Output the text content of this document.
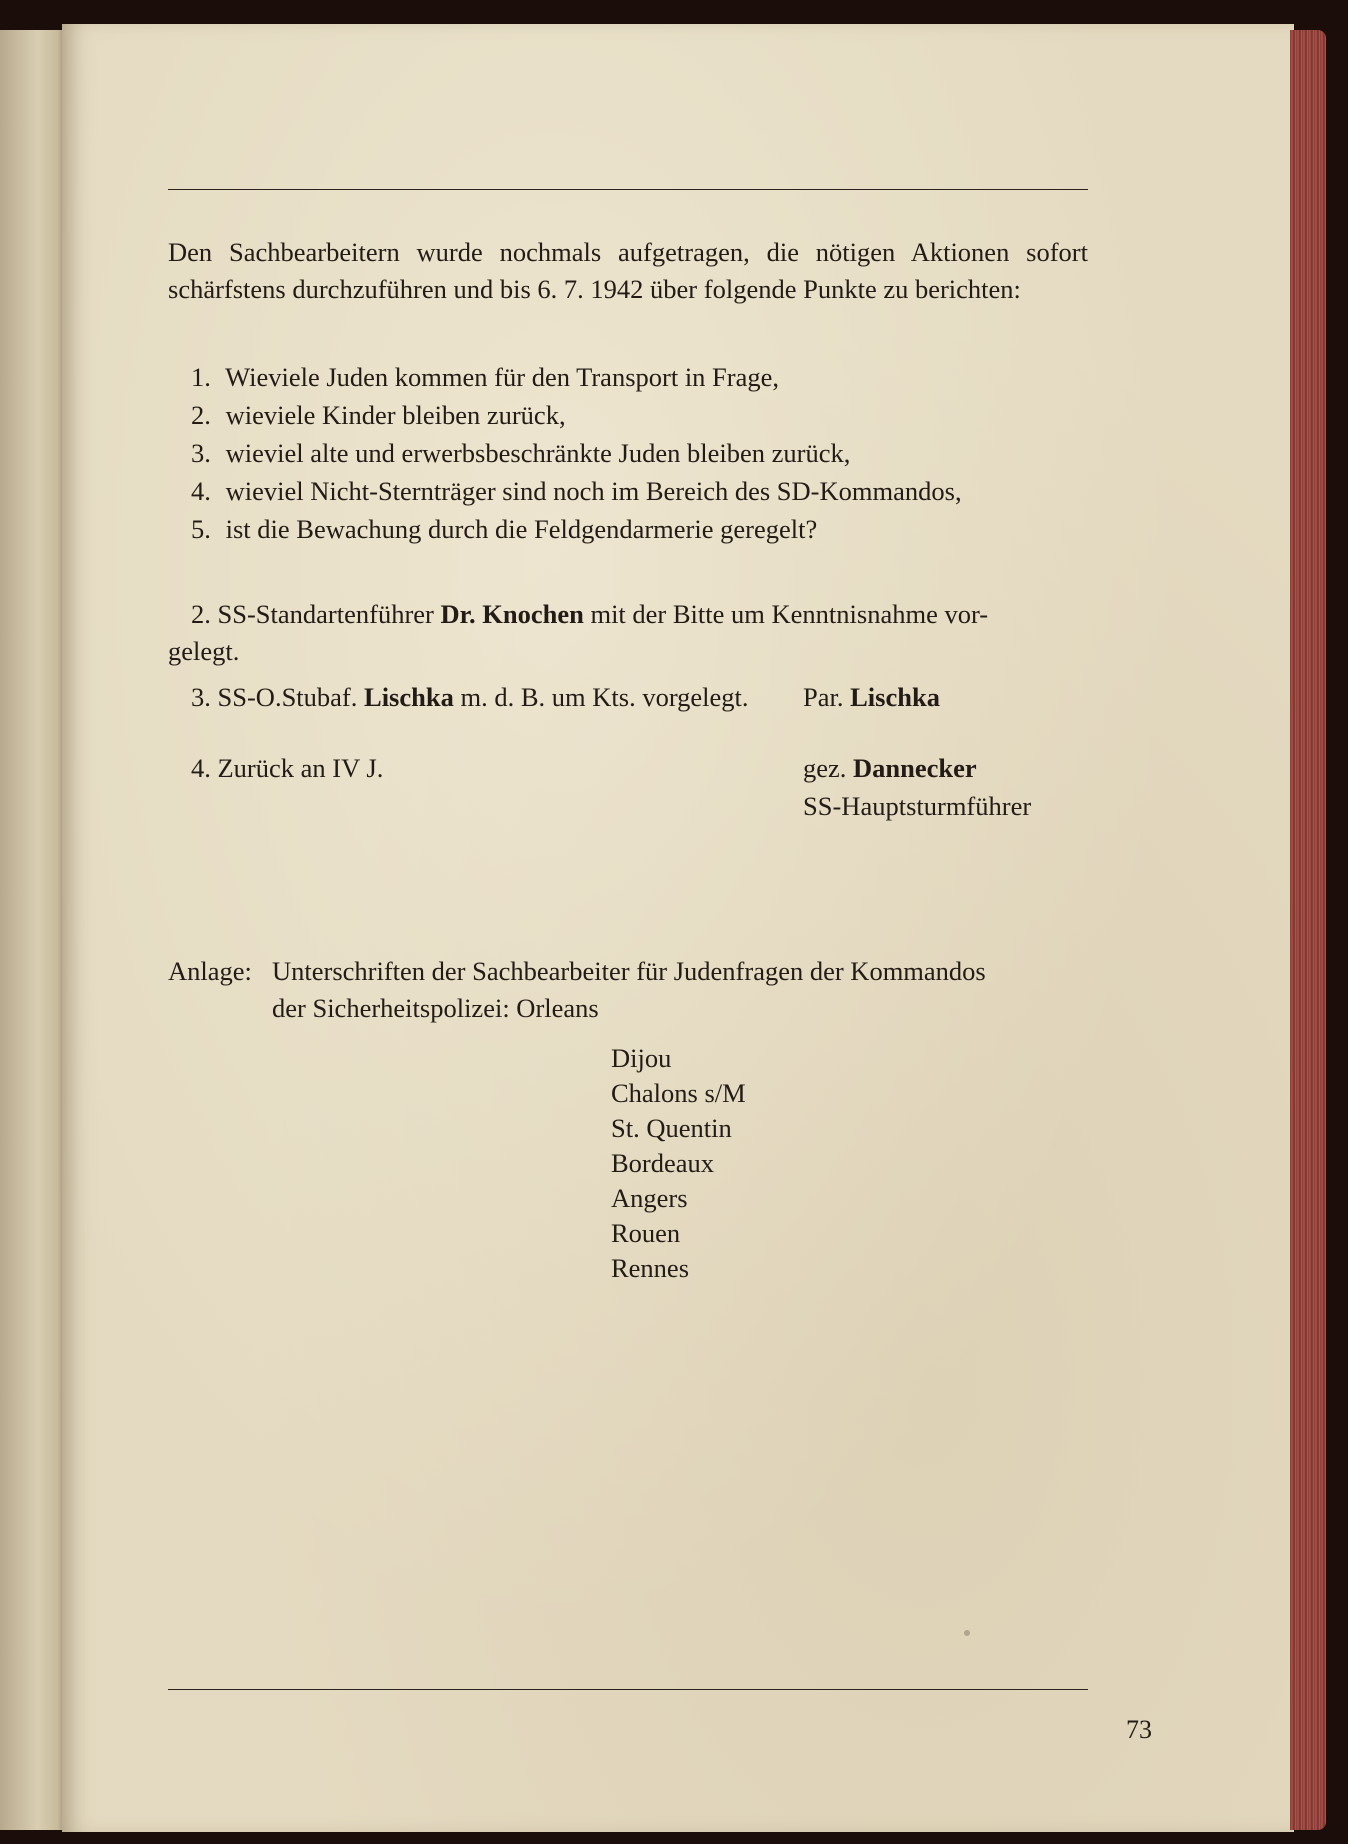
Den Sachbearbeitern wurde nochmals aufgetragen, die nötigen Aktionen sofort schärfstens durchzuführen und bis 6. 7. 1942 über folgende Punkte zu berichten:
1. Wieviele Juden kommen für den Transport in Frage,
2. wieviele Kinder bleiben zurück,
3. wieviel alte und erwerbsbeschränkte Juden bleiben zurück,
4. wieviel Nicht-Sternträger sind noch im Bereich des SD-Kommandos,
5. ist die Bewachung durch die Feldgendarmerie geregelt?
2. SS-Standartenführer Dr. Knochen mit der Bitte um Kenntnisnahme vor-
gelegt.
3. SS-O.Stubaf. Lischka m. d. B. um Kts. vorgelegt. Par. Lischka
4. Zurück an IV J.	gez. Dannecker
SS-Hauptsturmführer
Anlage: Unterschriften der Sachbearbeiter für Judenfragen der Kommandos
der Sicherheitspolizei: Orleans
Dijou
Chalons s/M
St. Quentin
Bordeaux
Angers
Rouen
Rennes
73
